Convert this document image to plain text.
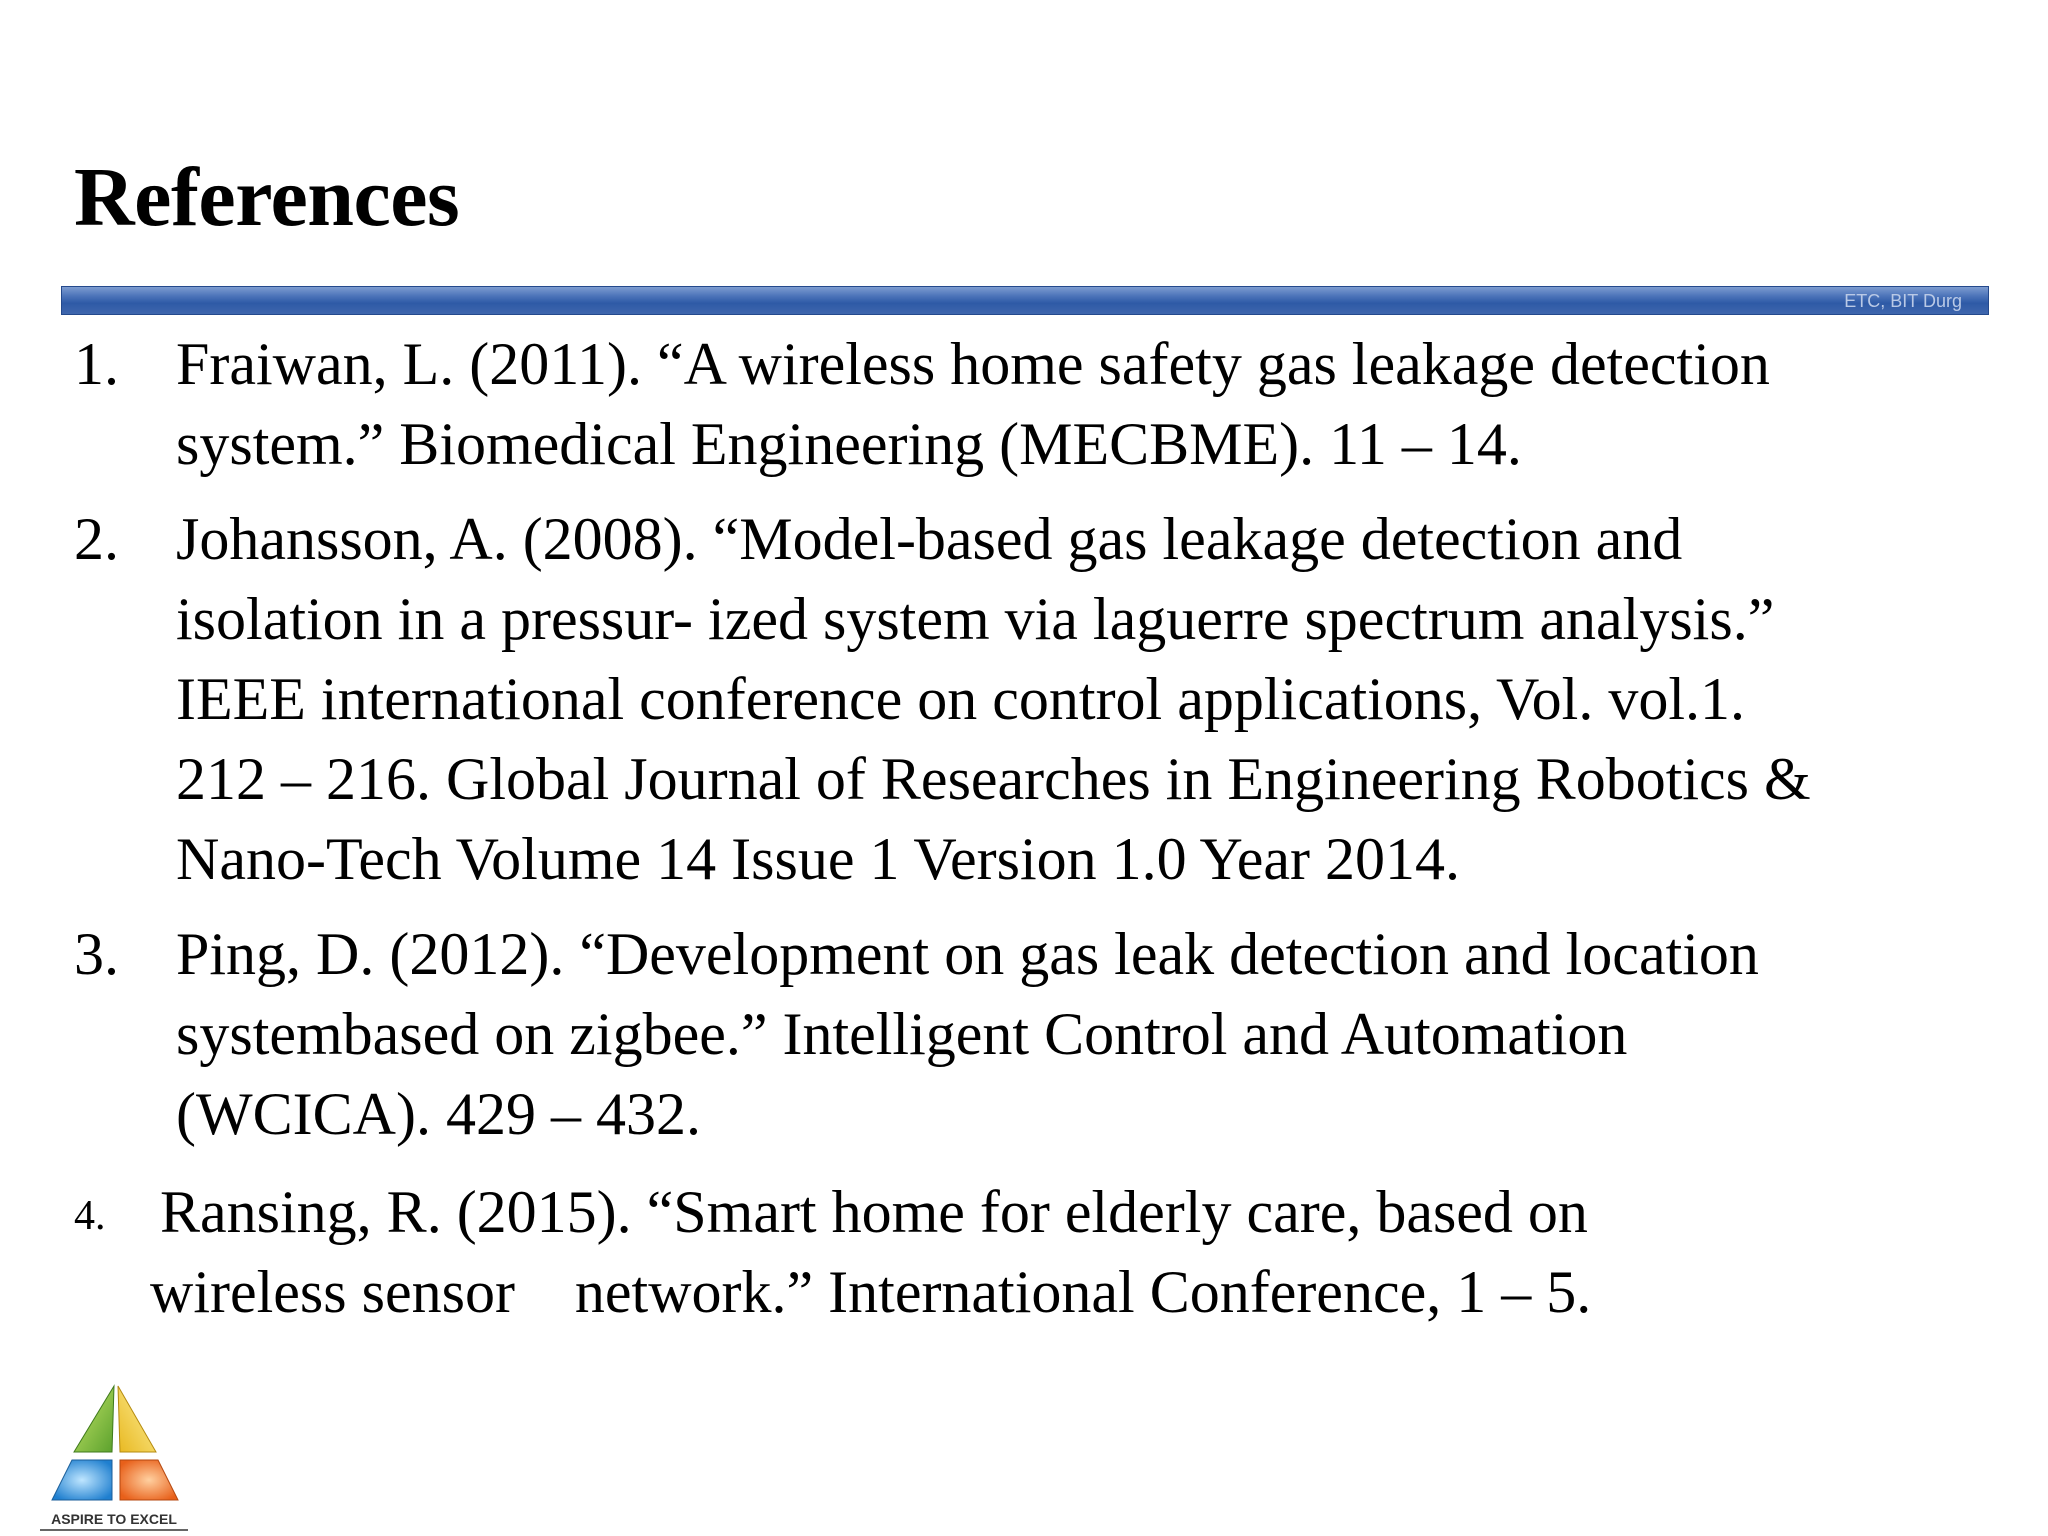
References
ETC, BIT Durg
1. Fraiwan, L. (2011). “A wireless home safety gas leakage detection
system.” Biomedical Engineering (MECBME). 11 – 14.
2. Johansson, A. (2008). “Model-based gas leakage detection and
isolation in a pressur- ized system via laguerre spectrum analysis.”
IEEE international conference on control applications, Vol. vol.1.
212 – 216. Global Journal of Researches in Engineering Robotics &
Nano-Tech Volume 14 Issue 1 Version 1.0 Year 2014.
3. Ping, D. (2012). “Development on gas leak detection and location
systembased on zigbee.” Intelligent Control and Automation
(WCICA). 429 – 432.
4. Ransing, R. (2015). “Smart home for elderly care, based on
wireless sensor    network.” International Conference, 1 – 5.
ASPIRE TO EXCEL
